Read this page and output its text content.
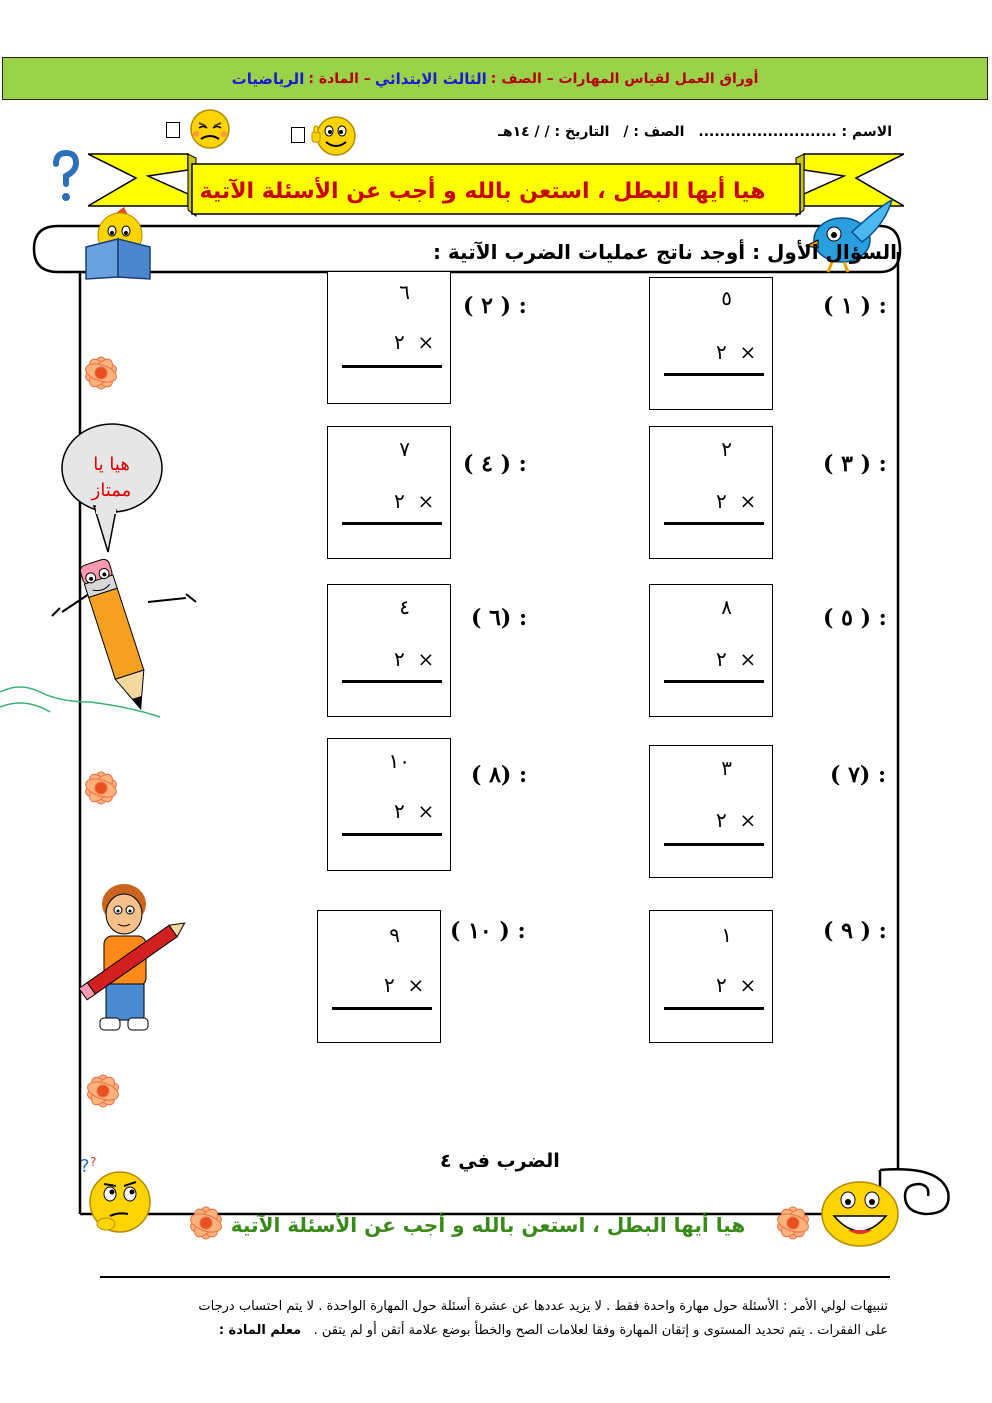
أوراق العمل لقياس المهارات – الصف :
الثالث الابتدائي
– المادة :
الرياضيات
الاسم : ..........................
الصف : /
التاريخ : / / ١٤هـ
هيا أيها البطل ، استعن بالله و أجب عن الأسئلة الآتية
السؤال الأول : أوجد ناتج عمليات الضرب الآتية :
٥
٢ ×
: ( ١ )
٢
٢ ×
: ( ٣ )
٨
٢ ×
: ( ٥ )
٣
٢ ×
: (٧ )
١
٢ ×
: ( ٩ )
٦
٢ ×
: ( ٢ )
٧
٢ ×
: ( ٤ )
٤
٢ ×
: (٦ )
١٠
٢ ×
: (٨ )
٩
٢ ×
: ( ١٠ )
هيا يا
ممتاز
? ?	الضرب في ٤
هيا أيها البطل ، استعن بالله و أجب عن الأسئلة الآتية
تنبيهات لولي الأمر : الأسئلة حول مهارة واحدة فقط . لا يزيد عددها عن عشرة أسئلة حول المهارة الواحدة . لا يتم احتساب درجات
على الفقرات . يتم تحديد المستوى و إتقان المهارة وفقا لعلامات الصح والخطأ بوضع علامة أتقن أو لم يتقن .   معلم المادة :
